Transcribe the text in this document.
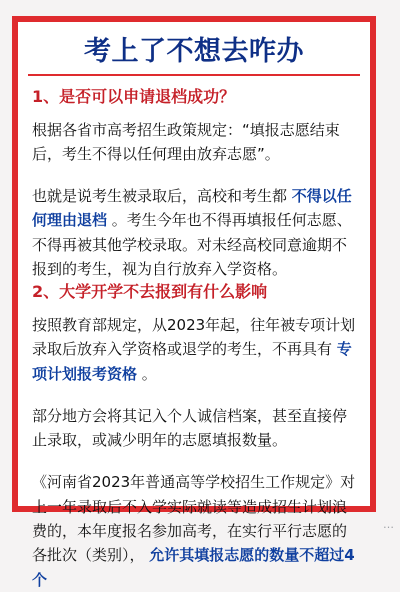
考上了不想去咋办
1、是否可以申请退档成功？

根据各省市高考招生政策规定：“填报志愿结束后，考生不得以任何理由放弃志愿”。

也就是说考生被录取后，高校和考生都 不得以任何理由退档 。考生今年也不得再填报任何志愿、不得再被其他学校录取。对未经高校同意逾期不报到的考生，视为自行放弃入学资格。

2、大学开学不去报到有什么影响

按照教育部规定，从2023年起，往年被专项计划录取后放弃入学资格或退学的考生，不再具有 专项计划报考资格 。

部分地方会将其记入个人诚信档案，甚至直接停止录取，或减少明年的志愿填报数量。

《河南省2023年普通高等学校招生工作规定》对上一年录取后不入学实际就读等造成招生计划浪费的，本年度报名参加高考，在实行平行志愿的各批次（类别）， 允许其填报志愿的数量不超过4个

…
